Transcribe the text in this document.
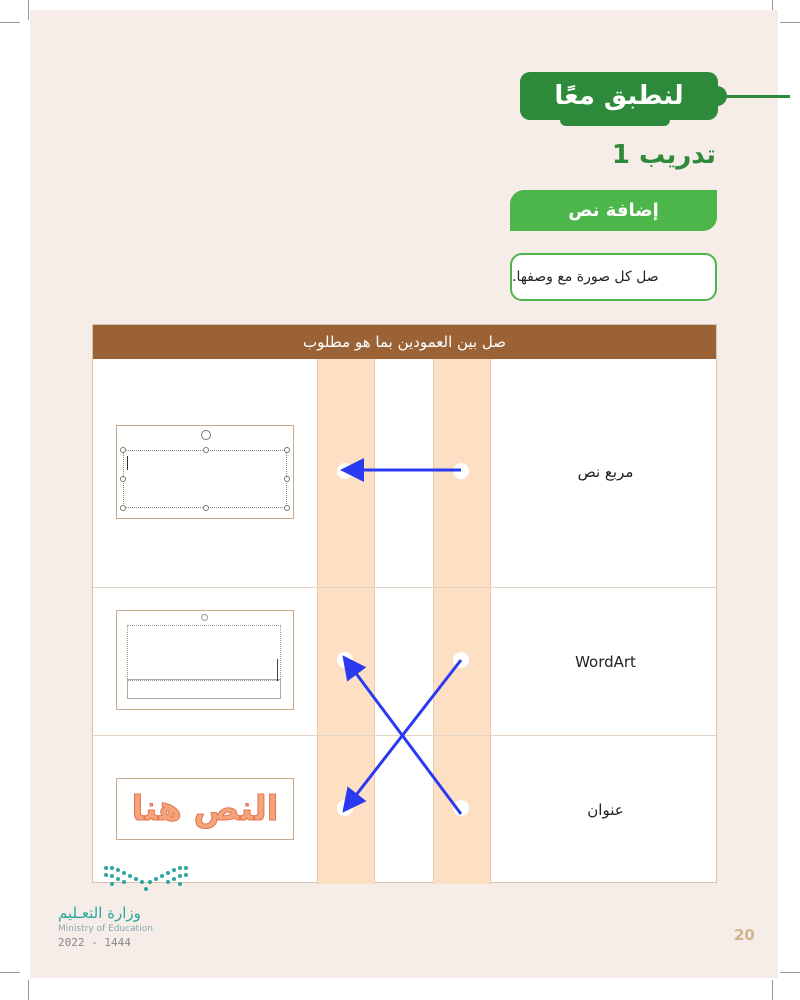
لنطبق معًا
تدريب 1
إضافة نص
صل كل صورة مع وصفها.
صل بين العمودين بما هو مطلوب
مربع نص
WordArt
عنوان
النص هنا
وزارة التعـليم
Ministry of Education
2022 - 1444	20
